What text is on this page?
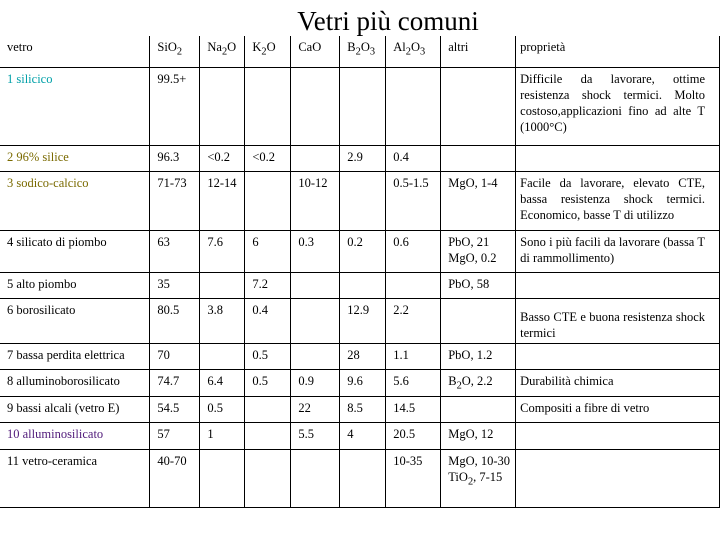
Vetri più comuni
vetro	SiO$_2$	$Na_2O$	$K_2O$	CaO	$B_2O_3$	$Al_2O_3$	altri	proprietà
1 silicico	99.5+							Difficile da lavorare, ottime resistenza shock termici. Molto costoso,applicazioni fino ad alte T (1000°C)
2 96% silice	96.3	<0.2	<0.2		2.9	0.4		
3 sodico-calcico	71-73	12-14		10-12		0.5-1.5	MgO, 1-4	Facile da lavorare, elevato CTE, bassa resistenza shock termici. Economico, basse T di utilizzo
4 silicato di piombo	63	7.6	6	0.3	0.2	0.6	PbO, 21 MgO, 0.2	Sono i più facili da lavorare (bassa T di rammollimento)
5 alto piombo	35		7.2				PbO, 58	
6 borosilicato	80.5	3.8	0.4		12.9	2.2		Basso CTE e buona resistenza shock termici
7 bassa perdita elettrica	70		0.5		28	1.1	PbO, 1.2	
8 alluminoborosilicato	74.7	6.4	0.5	0.9	9.6	5.6	$B_2O$, 2.2	Durabilità chimica
9 bassi alcali (vetro E)	54.5	0.5		22	8.5	14.5		Compositi a fibre di vetro
10 alluminosilicato	57	1		5.5	4	20.5	MgO, 12	
11 vetro-ceramica	40-70					10-35	MgO, 10-30 TiO$_2$, 7-15	
